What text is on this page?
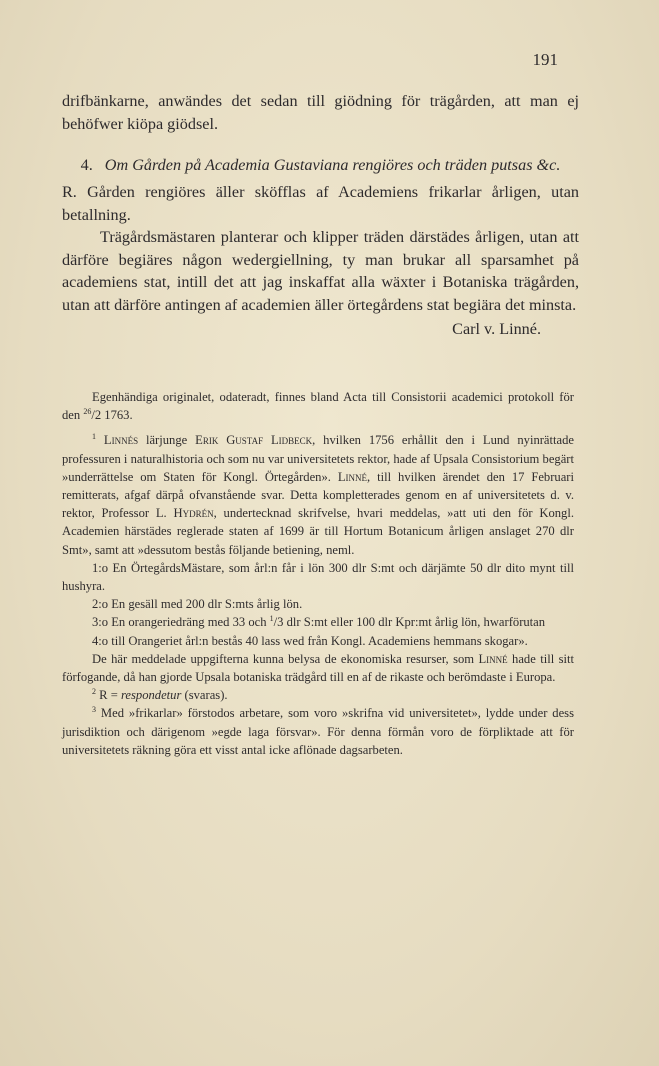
191

drifbänkarne, anwändes det sedan till giödning för trägården, att man ej behöfwer kiöpa giödsel.

4. Om Gården på Academia Gustaviana rengiöres och träden putsas &c.

R. Gården rengiöres äller sköfflas af Academiens frikarlar årligen, utan betallning.

Trägårdsmästaren planterar och klipper träden därstädes årligen, utan att därföre begiäres någon wedergiellning, ty man brukar all sparsamhet på academiens stat, intill det att jag inskaffat alla wäxter i Botaniska trägården, utan att därföre antingen af academien äller örtegårdens stat begiära det minsta.

Carl v. Linné.

Egenhändiga originalet, odateradt, finnes bland Acta till Consistorii academici protokoll för den $^{26}$/2 1763.

$^1$ Linnés lärjunge Erik Gustaf Lidbeck, hvilken 1756 erhållit den i Lund nyinrättade professuren i naturalhistoria och som nu var universitetets rektor, hade af Upsala Consistorium begärt »underrättelse om Staten för Kongl. Örtegården». Linné, till hvilken ärendet den 17 Februari remitterats, afgaf därpå ofvanstående svar. Detta kompletterades genom en af universitetets d. v. rektor, Professor L. Hydrén, undertecknad skrifvelse, hvari meddelas, »att uti den för Kongl. Academien härstädes reglerade staten af 1699 är till Hortum Botanicum årligen anslaget 270 dlr Smt», samt att »dessutom bestås följande betiening, neml.

1:o En ÖrtegårdsMästare, som årl:n får i lön 300 dlr S:mt och därjämte 50 dlr dito mynt till hushyra.

2:o En gesäll med 200 dlr S:mts årlig lön.

3:o En orangeriedräng med 33 och $^1$/3 dlr S:mt eller 100 dlr Kpr:mt årlig lön, hwarförutan

4:o till Orangeriet årl:n bestås 40 lass wed från Kongl. Academiens hemmans skogar».

De här meddelade uppgifterna kunna belysa de ekonomiska resurser, som Linné hade till sitt förfogande, då han gjorde Upsala botaniska trädgård till en af de rikaste och berömdaste i Europa.

$^2$ R = respondetur (svaras).

$^3$ Med »frikarlar» förstodos arbetare, som voro »skrifna vid universitetet», lydde under dess jurisdiktion och därigenom »egde laga försvar». För denna förmån voro de förpliktade att för universitetets räkning göra ett visst antal icke aflönade dagsarbeten.
